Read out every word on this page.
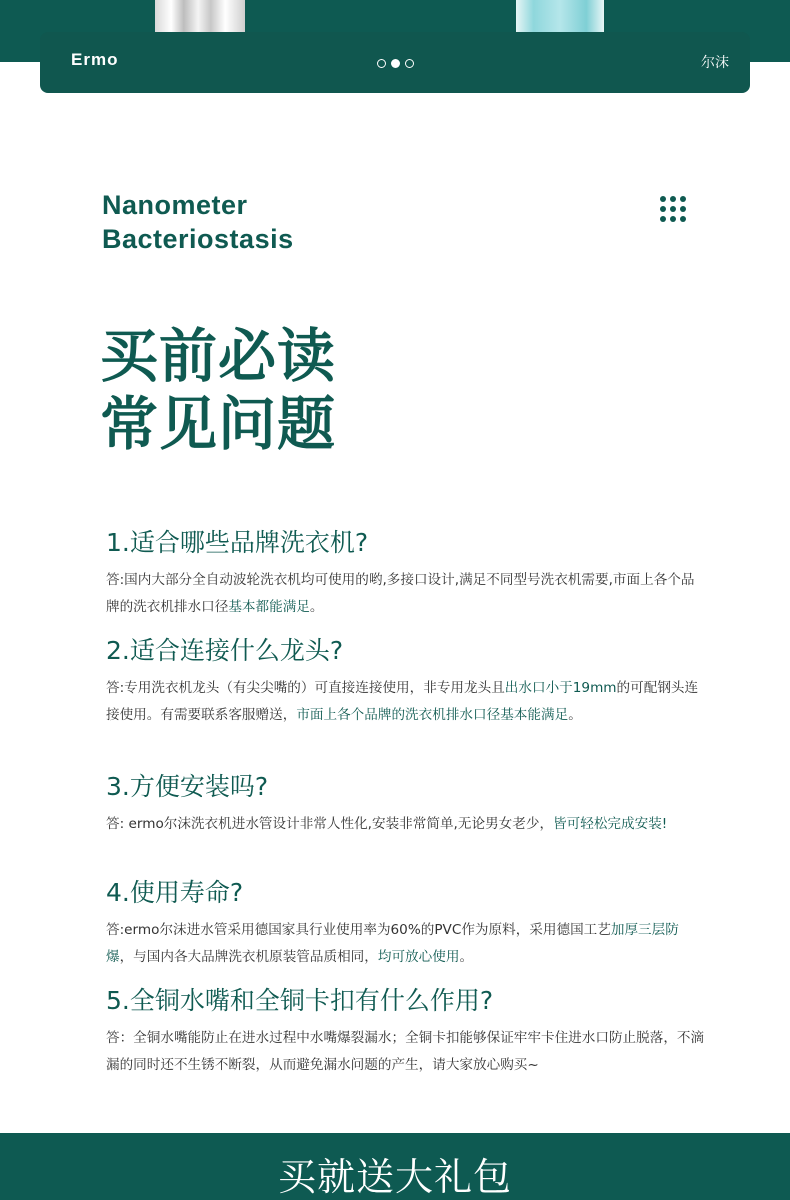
Ermo	尔沫
Nanometer
Bacteriostasis
买前必读
常见问题
1.适合哪些品牌洗衣机?
答:国内大部分全自动波轮洗衣机均可使用的哟,多接口设计,满足不同型号洗衣机需要,市面上各个品牌的洗衣机排水口径基本都能满足。
2.适合连接什么龙头?
答:专用洗衣机龙头（有尖尖嘴的）可直接连接使用，非专用龙头且出水口小于19mm的可配钢头连接使用。有需要联系客服赠送，市面上各个品牌的洗衣机排水口径基本能满足。
3.方便安装吗?
答: ermo尔沫洗衣机进水管设计非常人性化,安装非常简单,无论男女老少，皆可轻松完成安装!
4.使用寿命?
答:ermo尔沫进水管采用德国家具行业使用率为60%的PVC作为原料，采用德国工艺加厚三层防爆，与国内各大品牌洗衣机原装管品质相同，均可放心使用。
5.全铜水嘴和全铜卡扣有什么作用?
答：全铜水嘴能防止在进水过程中水嘴爆裂漏水；全铜卡扣能够保证牢牢卡住进水口防止脱落，不滴漏的同时还不生锈不断裂，从而避免漏水问题的产生，请大家放心购买~
买就送大礼包
